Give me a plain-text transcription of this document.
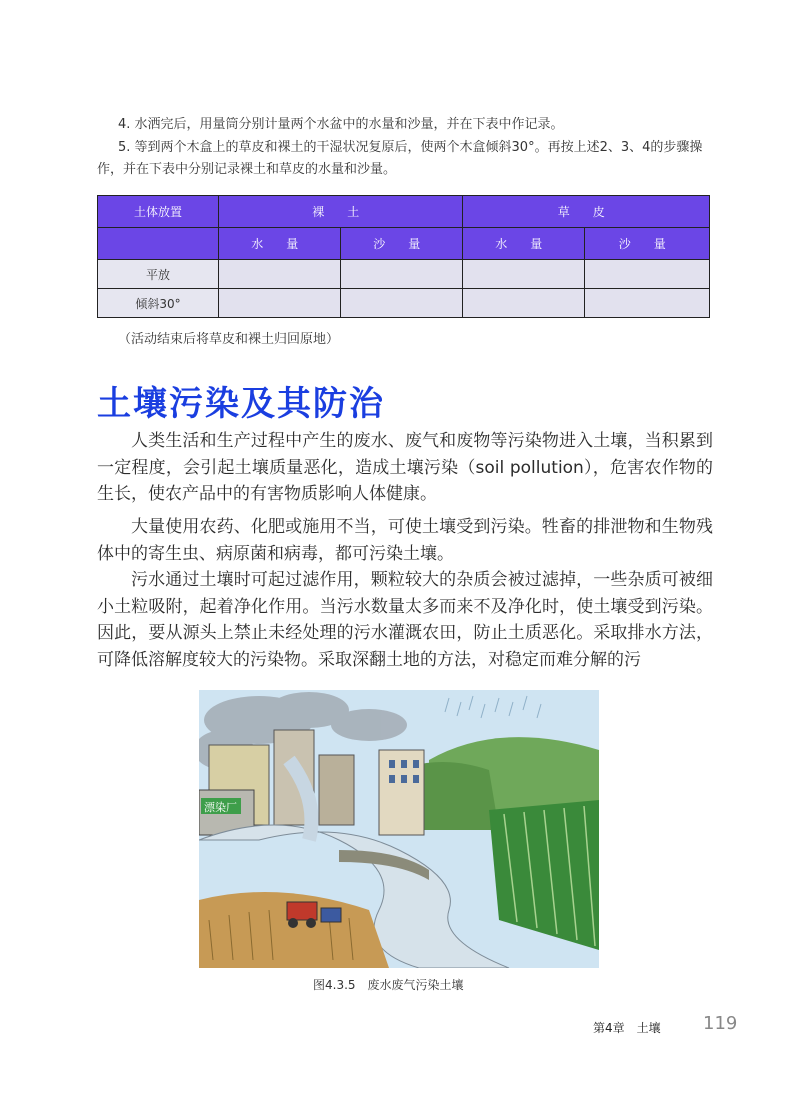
4. 水洒完后，用量筒分别计量两个水盆中的水量和沙量，并在下表中作记录。
5. 等到两个木盒上的草皮和裸土的干湿状况复原后，使两个木盒倾斜30°。再按上述2、3、4的步骤操作，并在下表中分别记录裸土和草皮的水量和沙量。
土体放置	裸 土		草 皮	
	水 量	沙 量	水 量	沙 量
平放				
倾斜30°				
（活动结束后将草皮和裸土归回原地）
土壤污染及其防治
人类生活和生产过程中产生的废水、废气和废物等污染物进入土壤，当积累到一定程度，会引起土壤质量恶化，造成土壤污染（soil pollution），危害农作物的生长，使农产品中的有害物质影响人体健康。
大量使用农药、化肥或施用不当，可使土壤受到污染。牲畜的排泄物和生物残体中的寄生虫、病原菌和病毒，都可污染土壤。
污水通过土壤时可起过滤作用，颗粒较大的杂质会被过滤掉，一些杂质可被细小土粒吸附，起着净化作用。当污水数量太多而来不及净化时，使土壤受到污染。因此，要从源头上禁止未经处理的污水灌溉农田，防止土质恶化。采取排水方法，可降低溶解度较大的污染物。采取深翻土地的方法，对稳定而难分解的污
漂染厂
图4.3.5　废水废气污染土壤
第4章　土壤 119
